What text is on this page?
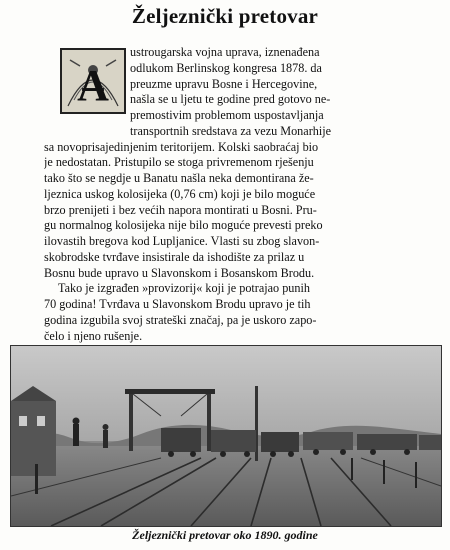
Željeznički pretovar
A
ustrougarska vojna uprava, iznenađena
odlukom Berlinskog kongresa 1878. da
preuzme upravu Bosne i Hercegovine,
našla se u ljetu te godine pred gotovo ne-
premostivim problemom uspostavljanja
transportnih sredstava za vezu Monarhije
sa novoprisajedinjenim teritorijem. Kolski saobraćaj bio
je nedostatan. Pristupilo se stoga privremenom rješenju
tako što se negdje u Banatu našla neka demontirana že-
ljeznica uskog kolosijeka (0,76 cm) koji je bilo moguće
brzo prenijeti i bez većih napora montirati u Bosni. Pru-
gu normalnog kolosijeka nije bilo moguće prevesti preko
ilovastih bregova kod Lupljanice. Vlasti su zbog slavon-
skobrodske tvrđave insistirale da ishodište za prilaz u
Bosnu bude upravo u Slavonskom i Bosanskom Brodu.
Tako je izgrađen »provizorij« koji je potrajao punih
70 godina! Tvrđava u Slavonskom Brodu upravo je tih
godina izgubila svoj strateški značaj, pa je uskoro zapo-
čelo i njeno rušenje.
Željeznički pretovar oko 1890. godine
